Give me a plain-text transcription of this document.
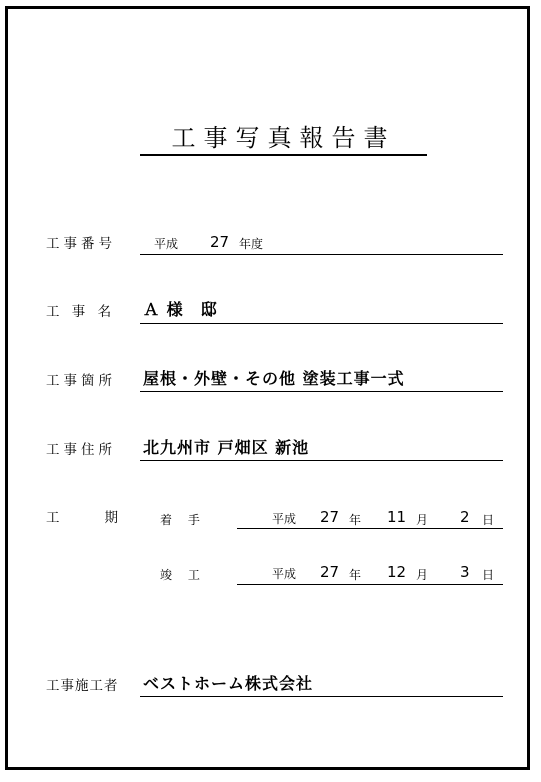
工事写真報告書
工事番号	平成 27 年度
工 事 名 Ａ 様　邸
工事箇所 屋根・外壁・その他 塗装工事一式
工事住所 北九州市 戸畑区 新池
工　　期	着 　手	平成 27 年 11 月 2 日
竣 　工	平成 27 年 12 月 3 日
工事施工者 ベストホーム株式会社
